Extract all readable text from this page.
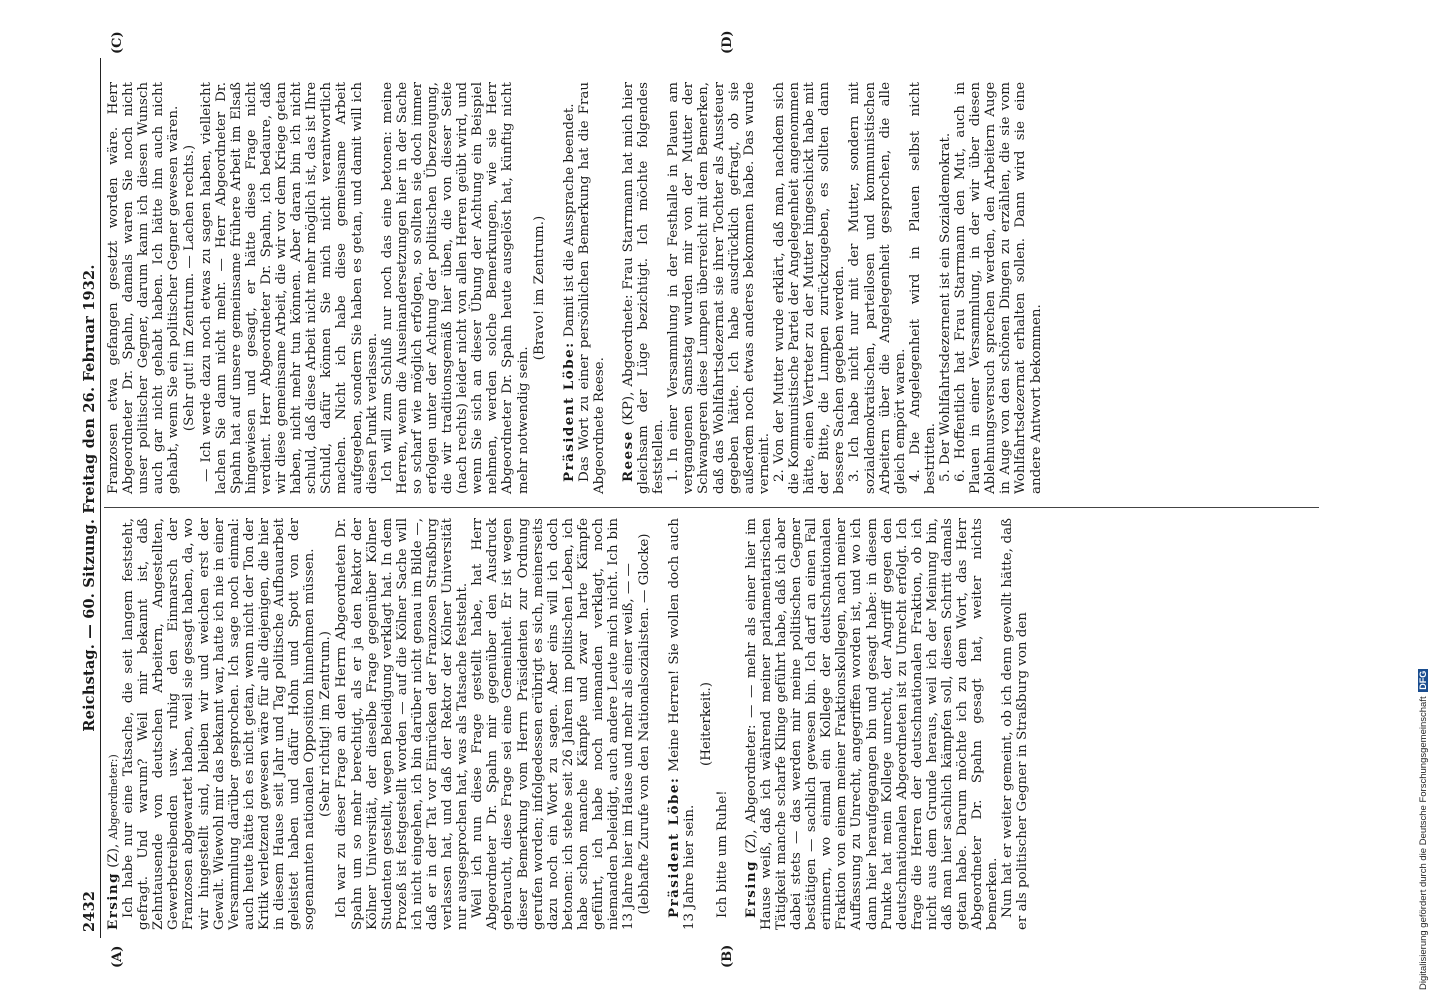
2432
Reichstag. — 60. Sitzung. Freitag den 26. Februar 1932.
(A)	(B)
(C)	(D)

Ersing (Z), Abgeordneter:) Ich habe nur eine Tatsache, die seit langem feststeht, gefragt. Und warum? Weil mir bekannt ist, daß Zehntausende von deutschen Arbeitern, Angestellten, Gewerbetreibenden usw. ruhig den Einmarsch der Franzosen abgewartet haben, weil sie gesagt haben, da, wo wir hingestellt sind, bleiben wir und weichen erst der Gewalt. Wiewohl mir das bekannt war, hatte ich nie in einer Versammlung darüber gesprochen. Ich sage noch einmal: auch heute hätte ich es nicht getan, wenn nicht der Ton der Kritik verletzend gewesen wäre für alle diejenigen, die hier in diesem Hause seit Jahr und Tag politische Aufbauarbeit geleistet haben und dafür Hohn und Spott von der sogenannten nationalen Opposition hinnehmen müssen. (Sehr richtig! im Zentrum.) Ich war zu dieser Frage an den Herrn Abgeordneten Dr. Spahn um so mehr berechtigt, als er ja den Rektor der Kölner Universität, der dieselbe Frage gegenüber Kölner Studenten gestellt, wegen Beleidigung verklagt hat. In dem Prozeß ist festgestellt worden — auf die Kölner Sache will ich nicht eingehen, ich bin darüber nicht genau im Bilde —, daß er in der Tat vor Einrücken der Franzosen Straßburg verlassen hat, und daß der Rektor der Kölner Universität nur ausgesprochen hat, was als Tatsache feststeht. Weil ich nun diese Frage gestellt habe, hat Herr Abgeordneter Dr. Spahn mir gegenüber den Ausdruck gebraucht, diese Frage sei eine Gemeinheit. Er ist wegen dieser Bemerkung vom Herrn Präsidenten zur Ordnung gerufen worden; infolgedessen erübrigt es sich, meinerseits dazu noch ein Wort zu sagen. Aber eins will ich doch betonen: ich stehe seit 26 Jahren im politischen Leben, ich habe schon manche Kämpfe und zwar harte Kämpfe geführt, ich habe noch niemanden verklagt, noch niemanden beleidigt, auch andere Leute mich nicht. Ich bin 13 Jahre hier im Hause und mehr als einer weiß, — — (lebhafte Zurufe von den Nationalsozialisten. — Glocke) Präsident Löbe: Meine Herren! Sie wollen doch auch 13 Jahre hier sein.

(Heiterkeit.)

Ich bitte um Ruhe! Ersing (Z), Abgeordneter: — — mehr als einer hier im Hause weiß, daß ich während meiner parlamentarischen Tätigkeit manche scharfe Klinge geführt habe, daß ich aber dabei stets — das werden mir meine politischen Gegner bestätigen — sachlich gewesen bin. Ich darf an einen Fall erinnern, wo einmal ein Kollege der deutschnationalen Fraktion von einem meiner Fraktionskollegen, nach meiner Auffassung zu Unrecht, angegriffen worden ist, und wo ich dann hier heraufgegangen bin und gesagt habe: in diesem Punkte hat mein Kollege unrecht, der Angriff gegen den deutschnationalen Abgeordneten ist zu Unrecht erfolgt. Ich frage die Herren der deutschnationalen Fraktion, ob ich nicht aus dem Grunde heraus, weil ich der Meinung bin, daß man hier sachlich kämpfen soll, diesen Schritt damals getan habe. Darum möchte ich zu dem Wort, das Herr Abgeordneter Dr. Spahn gesagt hat, weiter nichts bemerken. Nun hat er weiter gemeint, ob ich denn gewollt hätte, daß er als politischer Gegner in Straßburg von den

Franzosen etwa gefangen gesetzt worden wäre. Herr Abgeordneter Dr. Spahn, damals waren Sie noch nicht unser politischer Gegner, darum kann ich diesen Wunsch auch gar nicht gehabt haben. Ich hätte ihn auch nicht gehabt, wenn Sie ein politischer Gegner gewesen wären. (Sehr gut! im Zentrum. — Lachen rechts.) — Ich werde dazu noch etwas zu sagen haben, vielleicht lachen Sie dann nicht mehr. — Herr Abgeordneter Dr. Spahn hat auf unsere gemeinsame frühere Arbeit im Elsaß hingewiesen und gesagt, er hätte diese Frage nicht verdient. Herr Abgeordneter Dr. Spahn, ich bedaure, daß wir diese gemeinsame Arbeit, die wir vor dem Kriege getan haben, nicht mehr tun können. Aber daran bin ich nicht schuld, daß diese Arbeit nicht mehr möglich ist, das ist Ihre Schuld, dafür können Sie mich nicht verantwortlich machen. Nicht ich habe diese gemeinsame Arbeit aufgegeben, sondern Sie haben es getan, und damit will ich diesen Punkt verlassen. Ich will zum Schluß nur noch das eine betonen: meine Herren, wenn die Auseinandersetzungen hier in der Sache so scharf wie möglich erfolgen, so sollten sie doch immer erfolgen unter der Achtung der politischen Überzeugung, die wir traditionsgemäß hier üben, die von dieser Seite (nach rechts) leider nicht von allen Herren geübt wird, und wenn Sie sich an dieser Übung der Achtung ein Beispiel nehmen, werden solche Bemerkungen, wie sie Herr Abgeordneter Dr. Spahn heute ausgelöst hat, künftig nicht mehr notwendig sein.

(Bravo! im Zentrum.)

Präsident Löbe: Damit ist die Aussprache beendet. Das Wort zu einer persönlichen Bemerkung hat die Frau Abgeordnete Reese. Reese (KP), Abgeordnete: Frau Starrmann hat mich hier gleichsam der Lüge bezichtigt. Ich möchte folgendes feststellen. 1. In einer Versammlung in der Festhalle in Plauen am vergangenen Samstag wurden mir von der Mutter der Schwangeren diese Lumpen überreicht mit dem Bemerken, daß das Wohlfahrtsdezernat sie ihrer Tochter als Aussteuer gegeben hätte. Ich habe ausdrücklich gefragt, ob sie außerdem noch etwas anderes bekommen habe. Das wurde verneint. 2. Von der Mutter wurde erklärt, daß man, nachdem sich die Kommunistische Partei der Angelegenheit angenommen hätte, einen Vertreter zu der Mutter hingeschickt habe mit der Bitte, die Lumpen zurückzugeben, es sollten dann bessere Sachen gegeben werden. 3. Ich habe nicht nur mit der Mutter, sondern mit sozialdemokratischen, parteilosen und kommunistischen Arbeitern über die Angelegenheit gesprochen, die alle gleich empört waren. 4. Die Angelegenheit wird in Plauen selbst nicht bestritten. 5. Der Wohlfahrtsdezernent ist ein Sozialdemokrat. 6. Hoffentlich hat Frau Starrmann den Mut, auch in Plauen in einer Versammlung, in der wir über diesen Ablehnungsversuch sprechen werden, den Arbeitern Auge in Auge von den schönen Dingen zu erzählen, die sie vom Wohlfahrtsdezernat erhalten sollen. Dann wird sie eine andere Antwort bekommen.

Digitalisierung gefördert durch die Deutsche Forschungsgemeinschaft DFG
